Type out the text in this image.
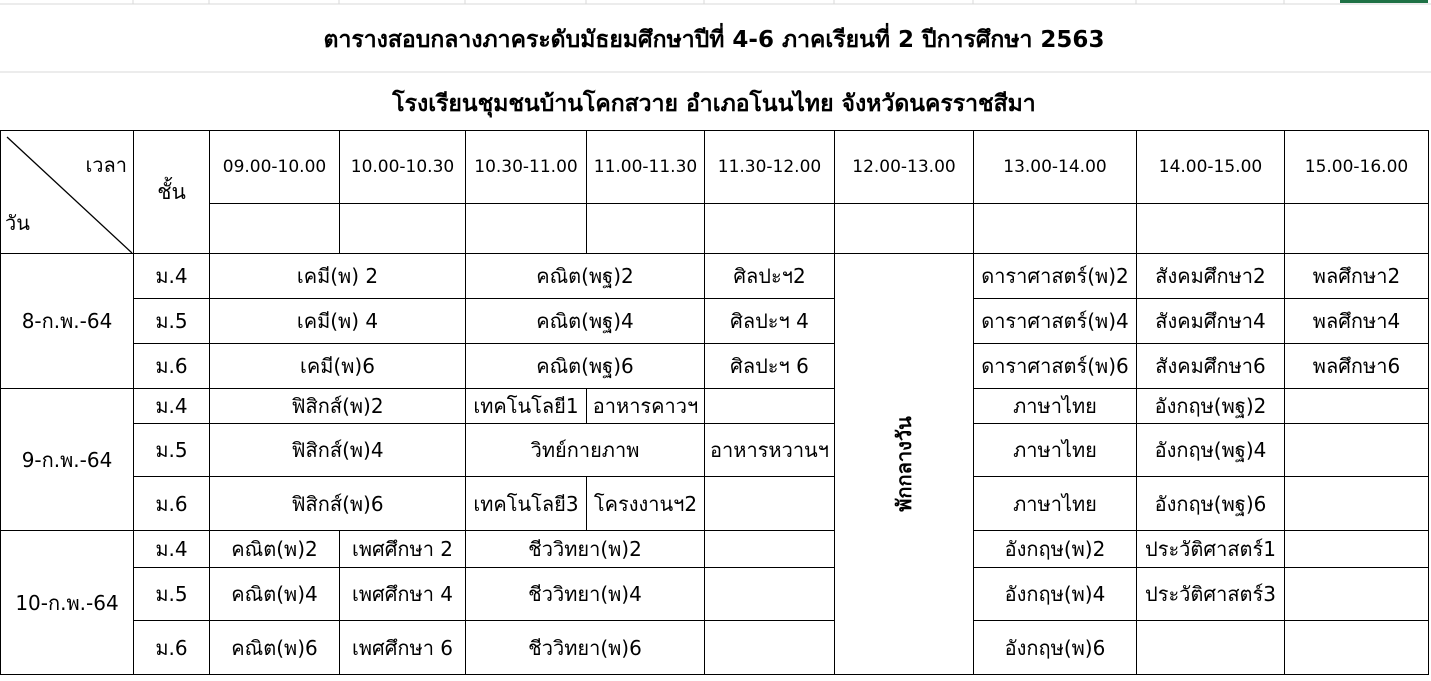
ตารางสอบกลางภาคระดับมัธยมศึกษาปีที่ 4-6 ภาคเรียนที่ 2 ปีการศึกษา 2563
โรงเรียนชุมชนบ้านโคกสวาย อำเภอโนนไทย จังหวัดนครราชสีมา
เวลา
วัน	ชั้น	09.00-10.00	10.00-10.30	10.30-11.00	11.00-11.30	11.30-12.00	12.00-13.00	13.00-14.00	14.00-15.00	15.00-16.00

8-ก.พ.-64	ม.4	เคมี(พ) 2		คณิต(พฐ)2		ศิลปะฯ2	พักกลางวัน	ดาราศาสตร์(พ)2	สังคมศึกษา2	พลศึกษา2
	ม.5	เคมี(พ) 4		คณิต(พฐ)4		ศิลปะฯ 4		ดาราศาสตร์(พ)4	สังคมศึกษา4	พลศึกษา4
	ม.6	เคมี(พ)6		คณิต(พฐ)6		ศิลปะฯ 6		ดาราศาสตร์(พ)6	สังคมศึกษา6	พลศึกษา6
9-ก.พ.-64	ม.4	ฟิสิกส์(พ)2		เทคโนโลยี1	อาหารคาวฯ			ภาษาไทย	อังกฤษ(พฐ)2	
	ม.5	ฟิสิกส์(พ)4		วิทย์กายภาพ		อาหารหวานฯ		ภาษาไทย	อังกฤษ(พฐ)4	
	ม.6	ฟิสิกส์(พ)6		เทคโนโลยี3	โครงงานฯ2			ภาษาไทย	อังกฤษ(พฐ)6	
10-ก.พ.-64	ม.4	คณิต(พ)2	เพศศึกษา 2	ชีววิทยา(พ)2				อังกฤษ(พ)2	ประวัติศาสตร์1	
	ม.5	คณิต(พ)4	เพศศึกษา 4	ชีววิทยา(พ)4				อังกฤษ(พ)4	ประวัติศาสตร์3	
	ม.6	คณิต(พ)6	เพศศึกษา 6	ชีววิทยา(พ)6				อังกฤษ(พ)6		
